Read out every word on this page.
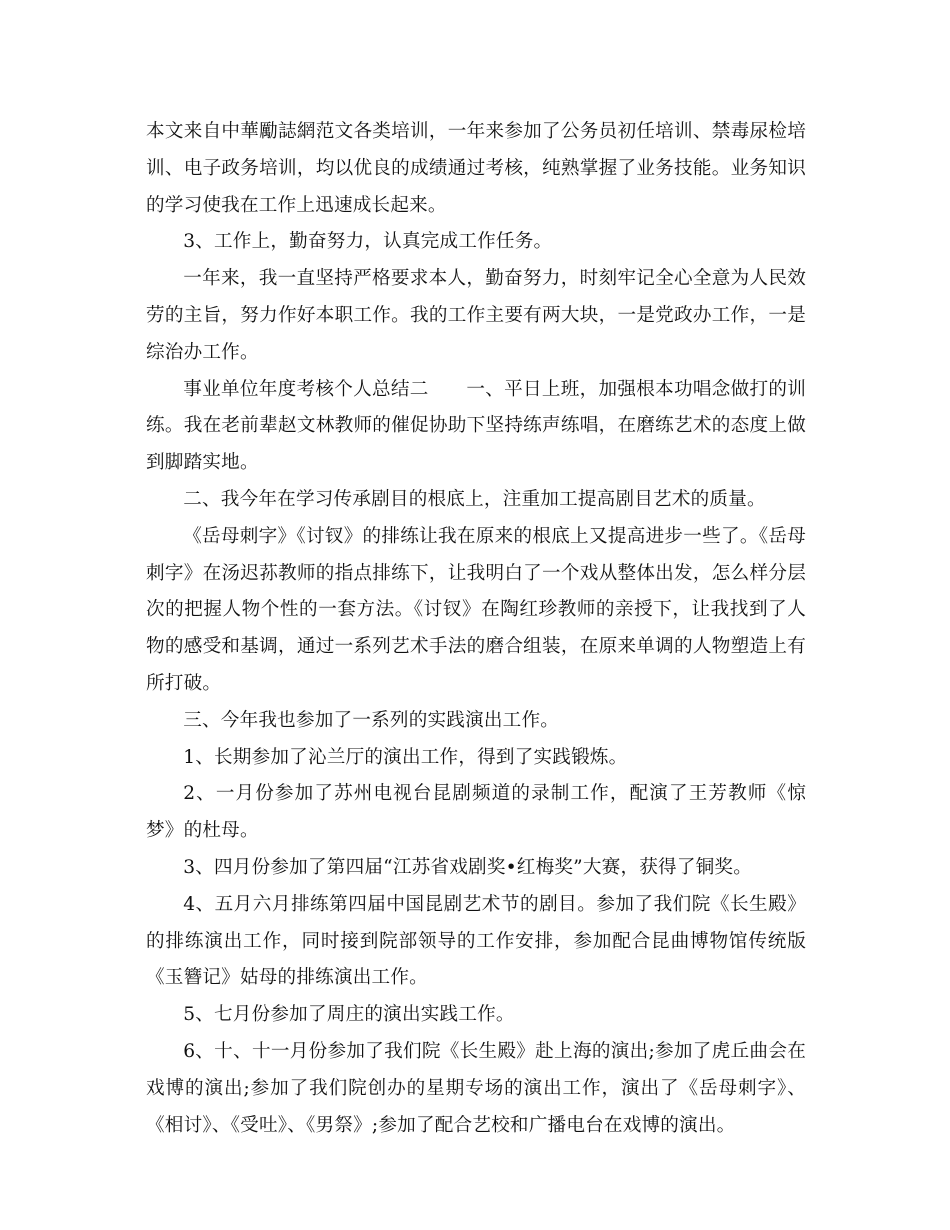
本文来自中華勵誌網范文各类培训，一年来参加了公务员初任培训、禁毒尿检培训、电子政务培训，均以优良的成绩通过考核，纯熟掌握了业务技能。业务知识的学习使我在工作上迅速成长起来。

3、工作上，勤奋努力，认真完成工作任务。

一年来，我一直坚持严格要求本人，勤奋努力，时刻牢记全心全意为人民效劳的主旨，努力作好本职工作。我的工作主要有两大块，一是党政办工作，一是综治办工作。

事业单位年度考核个人总结二　　一、平日上班，加强根本功唱念做打的训练。我在老前辈赵文林教师的催促协助下坚持练声练唱，在磨练艺术的态度上做到脚踏实地。

二、我今年在学习传承剧目的根底上，注重加工提高剧目艺术的质量。

《岳母刺字》《讨钗》的排练让我在原来的根底上又提高进步一些了。《岳母刺字》在汤迟荪教师的指点排练下，让我明白了一个戏从整体出发，怎么样分层次的把握人物个性的一套方法。《讨钗》在陶红珍教师的亲授下，让我找到了人物的感受和基调，通过一系列艺术手法的磨合组装，在原来单调的人物塑造上有所打破。

三、今年我也参加了一系列的实践演出工作。

1、长期参加了沁兰厅的演出工作，得到了实践锻炼。

2、一月份参加了苏州电视台昆剧频道的录制工作，配演了王芳教师《惊梦》的杜母。

3、四月份参加了第四届“江苏省戏剧奖•红梅奖”大赛，获得了铜奖。

4、五月六月排练第四届中国昆剧艺术节的剧目。参加了我们院《长生殿》的排练演出工作，同时接到院部领导的工作安排，参加配合昆曲博物馆传统版《玉簪记》姑母的排练演出工作。

5、七月份参加了周庄的演出实践工作。

6、十、十一月份参加了我们院《长生殿》赴上海的演出;参加了虎丘曲会在戏博的演出;参加了我们院创办的星期专场的演出工作，演出了《岳母刺字》、《相讨》、《受吐》、《男祭》;参加了配合艺校和广播电台在戏博的演出。
